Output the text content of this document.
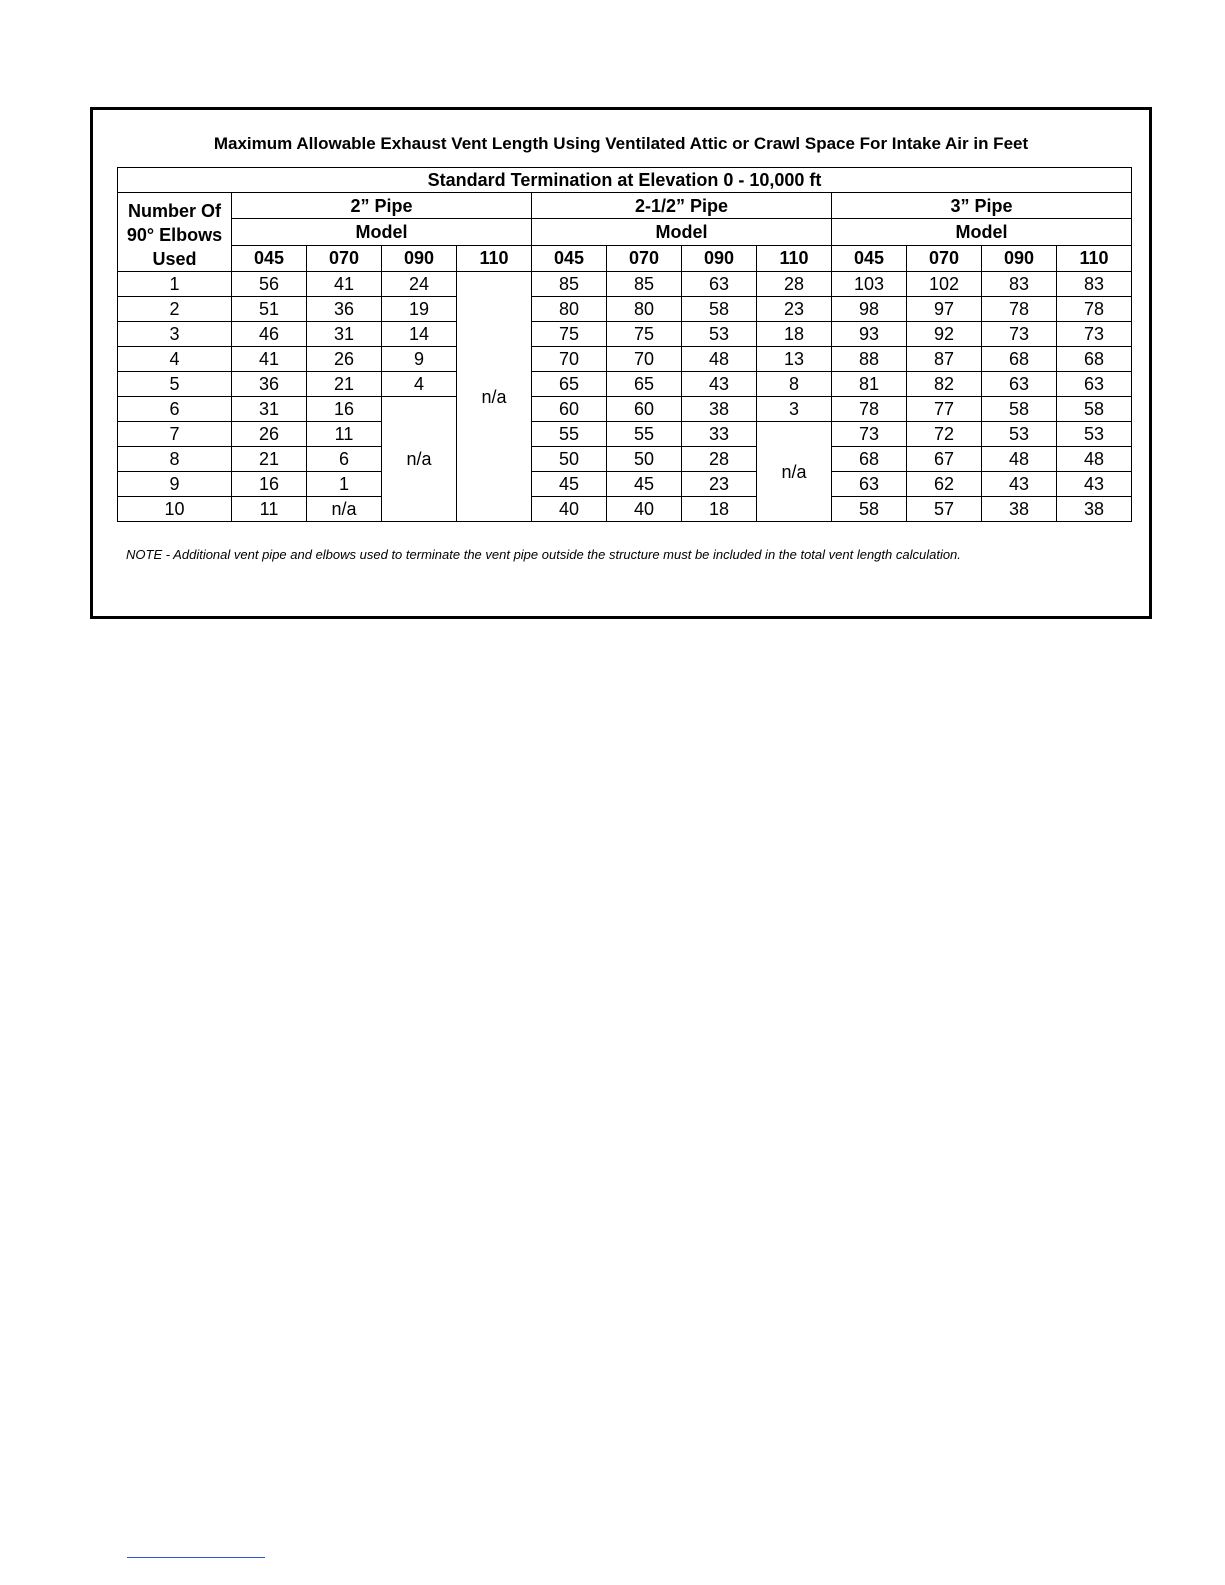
Maximum Allowable Exhaust Vent Length Using Ventilated Attic or Crawl Space For Intake Air in Feet
Standard Termination at Elevation 0 - 10,000 ft												

Number Of
90° Elbows
Used	2” Pipe				2-1/2” Pipe				3” Pipe			
	Model				Model				Model			
	045	070	090	110	045	070	090	110	045	070	090	110
1	56	41	24	n/a	85	85	63	28	103	102	83	83
2	51	36	19		80	80	58	23	98	97	78	78
3	46	31	14		75	75	53	18	93	92	73	73
4	41	26	9		70	70	48	13	88	87	68	68
5	36	21	4		65	65	43	8	81	82	63	63
6	31	16	n/a		60	60	38	3	78	77	58	58
7	26	11			55	55	33	n/a	73	72	53	53
8	21	6			50	50	28		68	67	48	48
9	16	1			45	45	23		63	62	43	43
10	11	n/a			40	40	18		58	57	38	38
NOTE - Additional vent pipe and elbows used to terminate the vent pipe outside the structure must be included in the total vent length calculation.
